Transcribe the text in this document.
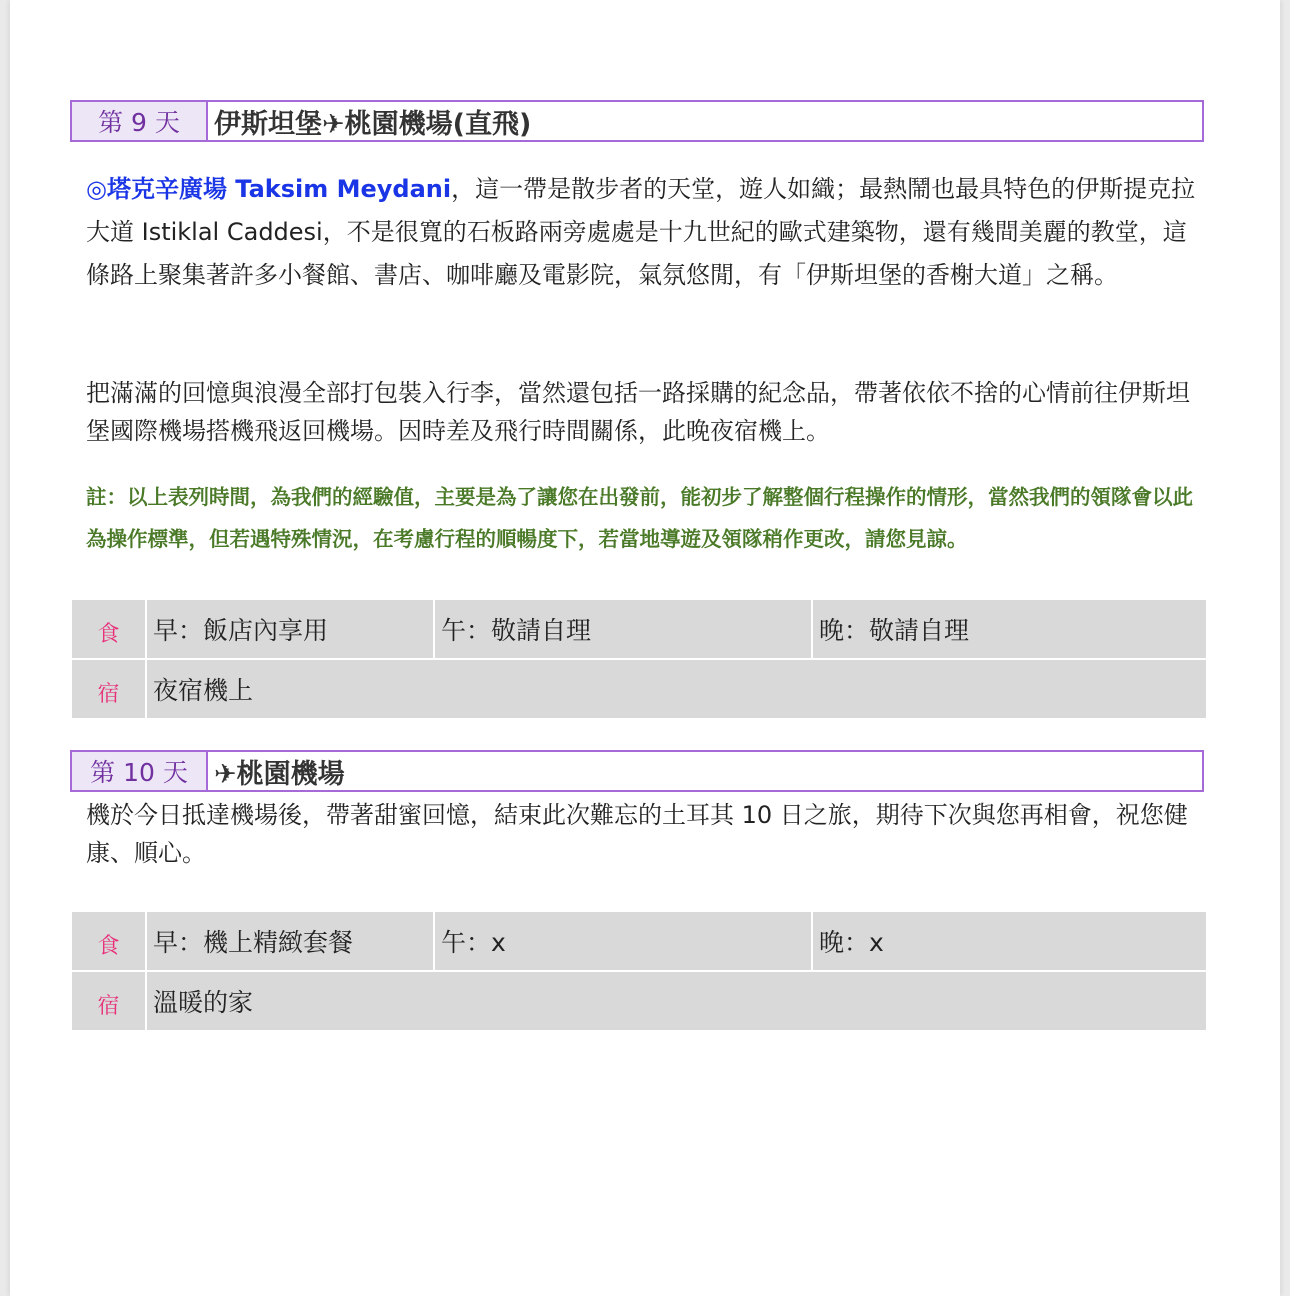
第 9 天	伊斯坦堡✈桃園機場(直飛)

◎塔克辛廣場 Taksim Meydani，這一帶是散步者的天堂，遊人如織；最熱鬧也最具特色的伊斯提克拉大道 Istiklal Caddesi，不是很寬的石板路兩旁處處是十九世紀的歐式建築物，還有幾間美麗的教堂，這條路上聚集著許多小餐館、書店、咖啡廳及電影院，氣氛悠閒，有「伊斯坦堡的香榭大道」之稱。

把滿滿的回憶與浪漫全部打包裝入行李，當然還包括一路採購的紀念品，帶著依依不捨的心情前往伊斯坦堡國際機場搭機飛返回機場。因時差及飛行時間關係，此晚夜宿機上。

註：以上表列時間，為我們的經驗值，主要是為了讓您在出發前，能初步了解整個行程操作的情形，當然我們的領隊會以此為操作標準，但若遇特殊情況，在考慮行程的順暢度下，若當地導遊及領隊稍作更改，請您見諒。

食	早：飯店內享用	午：敬請自理	晚：敬請自理
宿	夜宿機上		
第 10 天 ✈桃園機場

機於今日抵達機場後，帶著甜蜜回憶，結束此次難忘的土耳其 10 日之旅，期待下次與您再相會，祝您健康、順心。

食	早：機上精緻套餐	午：x	晚：x
宿	溫暖的家		
